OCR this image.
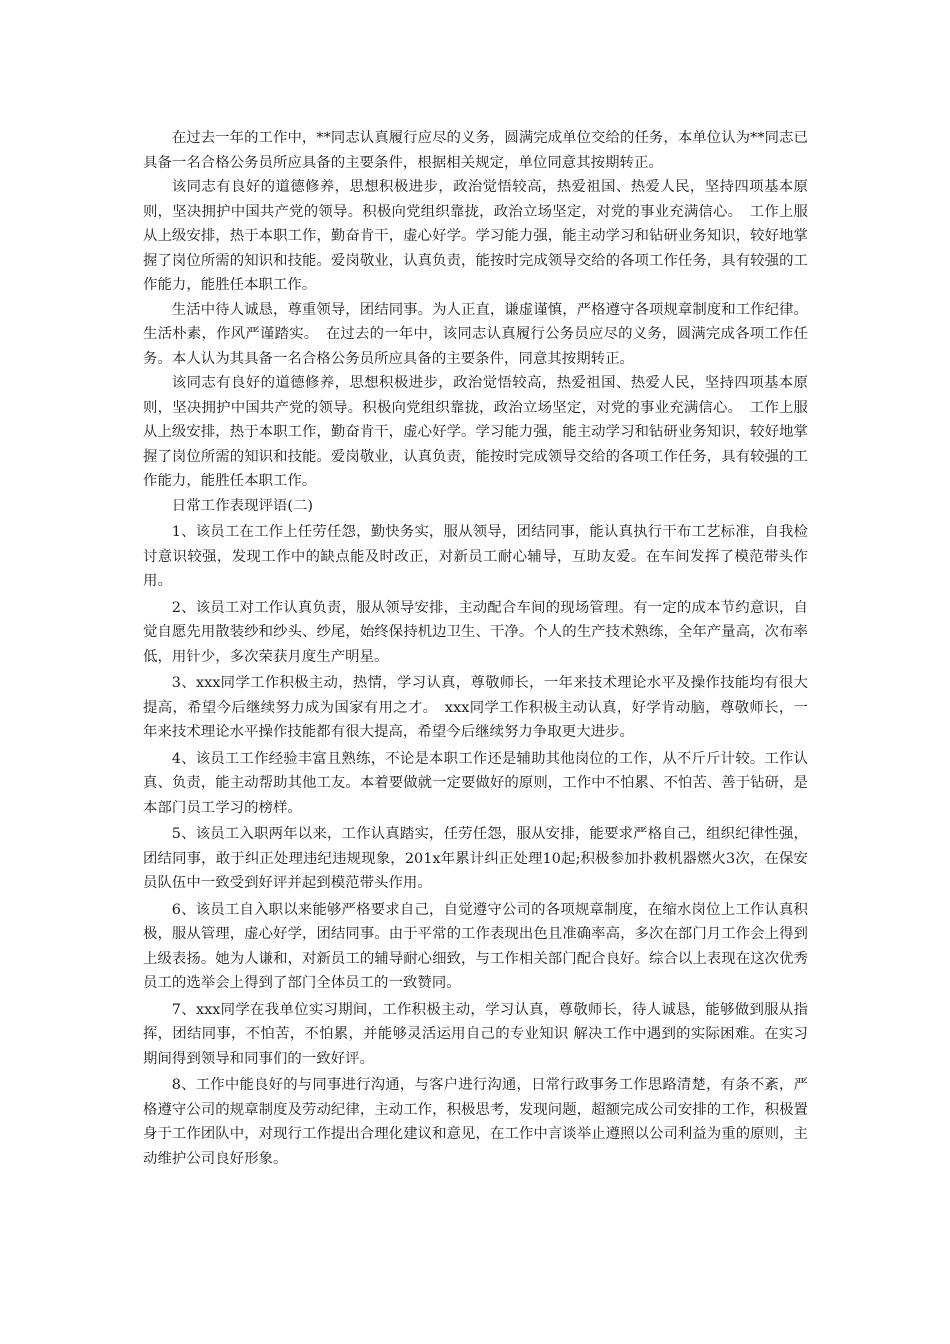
在过去一年的工作中，**同志认真履行应尽的义务，圆满完成单位交给的任务，本单位认为**同志已具备一名合格公务员所应具备的主要条件，根据相关规定，单位同意其按期转正。

该同志有良好的道德修养，思想积极进步，政治觉悟较高，热爱祖国、热爱人民，坚持四项基本原则，坚决拥护中国共产党的领导。积极向党组织靠拢，政治立场坚定，对党的事业充满信心。　工作上服从上级安排，热于本职工作，勤奋肯干，虚心好学。学习能力强，能主动学习和钻研业务知识，较好地掌握了岗位所需的知识和技能。爱岗敬业，认真负责，能按时完成领导交给的各项工作任务，具有较强的工作能力，能胜任本职工作。

生活中待人诚恳，尊重领导，团结同事。为人正直，谦虚谨慎，严格遵守各项规章制度和工作纪律。生活朴素，作风严谨踏实。　在过去的一年中，该同志认真履行公务员应尽的义务，圆满完成各项工作任务。本人认为其具备一名合格公务员所应具备的主要条件，同意其按期转正。

该同志有良好的道德修养，思想积极进步，政治觉悟较高，热爱祖国、热爱人民，坚持四项基本原则，坚决拥护中国共产党的领导。积极向党组织靠拢，政治立场坚定，对党的事业充满信心。　工作上服从上级安排，热于本职工作，勤奋肯干，虚心好学。学习能力强，能主动学习和钻研业务知识，较好地掌握了岗位所需的知识和技能。爱岗敬业，认真负责，能按时完成领导交给的各项工作任务，具有较强的工作能力，能胜任本职工作。

日常工作表现评语(二)

1、该员工在工作上任劳任怨，勤快务实，服从领导，团结同事，能认真执行干布工艺标准，自我检讨意识较强，发现工作中的缺点能及时改正，对新员工耐心辅导，互助友爱。在车间发挥了模范带头作用。

2、该员工对工作认真负责，服从领导安排，主动配合车间的现场管理。有一定的成本节约意识，自觉自愿先用散装纱和纱头、纱尾，始终保持机边卫生、干净。个人的生产技术熟练，全年产量高，次布率低，用针少，多次荣获月度生产明星。

3、xxx同学工作积极主动，热情，学习认真，尊敬师长，一年来技术理论水平及操作技能均有很大提高，希望今后继续努力成为国家有用之才。　xxx同学工作积极主动认真，好学肯动脑，尊敬师长，一年来技术理论水平操作技能都有很大提高，希望今后继续努力争取更大进步。

4、该员工工作经验丰富且熟练，不论是本职工作还是辅助其他岗位的工作，从不斤斤计较。工作认真、负责，能主动帮助其他工友。本着要做就一定要做好的原则，工作中不怕累、不怕苦、善于钻研，是本部门员工学习的榜样。

5、该员工入职两年以来，工作认真踏实，任劳任怨，服从安排，能要求严格自己，组织纪律性强，团结同事，敢于纠正处理违纪违规现象，201x年累计纠正处理10起;积极参加扑救机器燃火3次，在保安员队伍中一致受到好评并起到模范带头作用。

6、该员工自入职以来能够严格要求自己，自觉遵守公司的各项规章制度，在缩水岗位上工作认真积极，服从管理，虚心好学，团结同事。由于平常的工作表现出色且准确率高，多次在部门月工作会上得到上级表扬。她为人谦和，对新员工的辅导耐心细致，与工作相关部门配合良好。综合以上表现在这次优秀员工的选举会上得到了部门全体员工的一致赞同。

7、xxx同学在我单位实习期间，工作积极主动，学习认真，尊敬师长，待人诚恳，能够做到服从指挥，团结同事，不怕苦，不怕累，并能够灵活运用自己的专业知识 解决工作中遇到的实际困难。在实习期间得到领导和同事们的一致好评。

8、工作中能良好的与同事进行沟通，与客户进行沟通，日常行政事务工作思路清楚，有条不紊，严格遵守公司的规章制度及劳动纪律，主动工作，积极思考，发现问题，超额完成公司安排的工作，积极置身于工作团队中，对现行工作提出合理化建议和意见，在工作中言谈举止遵照以公司利益为重的原则，主动维护公司良好形象。
